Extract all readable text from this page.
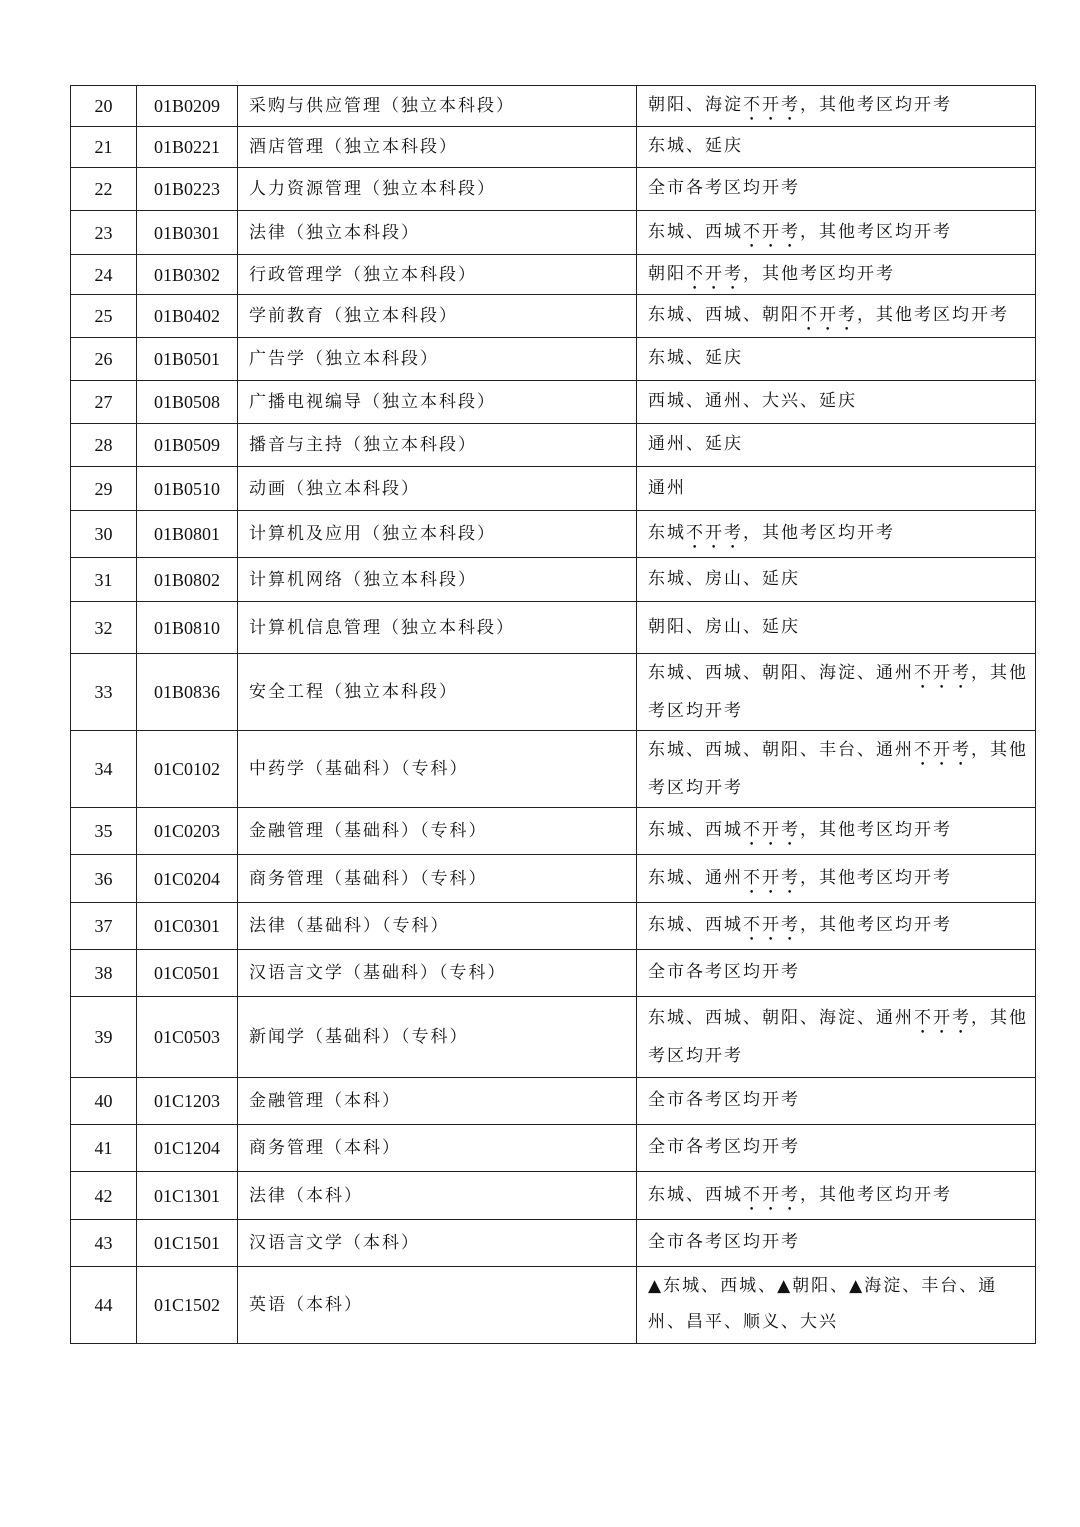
20	01B0209	采购与供应管理（独立本科段）	朝阳、海淀不开考，其他考区均开考
21	01B0221	酒店管理（独立本科段）	东城、延庆
22	01B0223	人力资源管理（独立本科段）	全市各考区均开考
23	01B0301	法律（独立本科段）	东城、西城不开考，其他考区均开考
24	01B0302	行政管理学（独立本科段）	朝阳不开考，其他考区均开考
25	01B0402	学前教育（独立本科段）	东城、西城、朝阳不开考，其他考区均开考
26	01B0501	广告学（独立本科段）	东城、延庆
27	01B0508	广播电视编导（独立本科段）	西城、通州、大兴、延庆
28	01B0509	播音与主持（独立本科段）	通州、延庆
29	01B0510	动画（独立本科段）	通州
30	01B0801	计算机及应用（独立本科段）	东城不开考，其他考区均开考
31	01B0802	计算机网络（独立本科段）	东城、房山、延庆
32	01B0810	计算机信息管理（独立本科段）	朝阳、房山、延庆
33	01B0836	安全工程（独立本科段）	东城、西城、朝阳、海淀、通州不开考，其他考区均开考
34	01C0102	中药学（基础科）（专科）	东城、西城、朝阳、丰台、通州不开考，其他考区均开考
35	01C0203	金融管理（基础科）（专科）	东城、西城不开考，其他考区均开考
36	01C0204	商务管理（基础科）（专科）	东城、通州不开考，其他考区均开考
37	01C0301	法律（基础科）（专科）	东城、西城不开考，其他考区均开考
38	01C0501	汉语言文学（基础科）（专科）	全市各考区均开考
39	01C0503	新闻学（基础科）（专科）	东城、西城、朝阳、海淀、通州不开考，其他考区均开考
40	01C1203	金融管理（本科）	全市各考区均开考
41	01C1204	商务管理（本科）	全市各考区均开考
42	01C1301	法律（本科）	东城、西城不开考，其他考区均开考
43	01C1501	汉语言文学（本科）	全市各考区均开考
44	01C1502	英语（本科）	▲东城、西城、▲朝阳、▲海淀、丰台、通州、昌平、顺义、大兴
